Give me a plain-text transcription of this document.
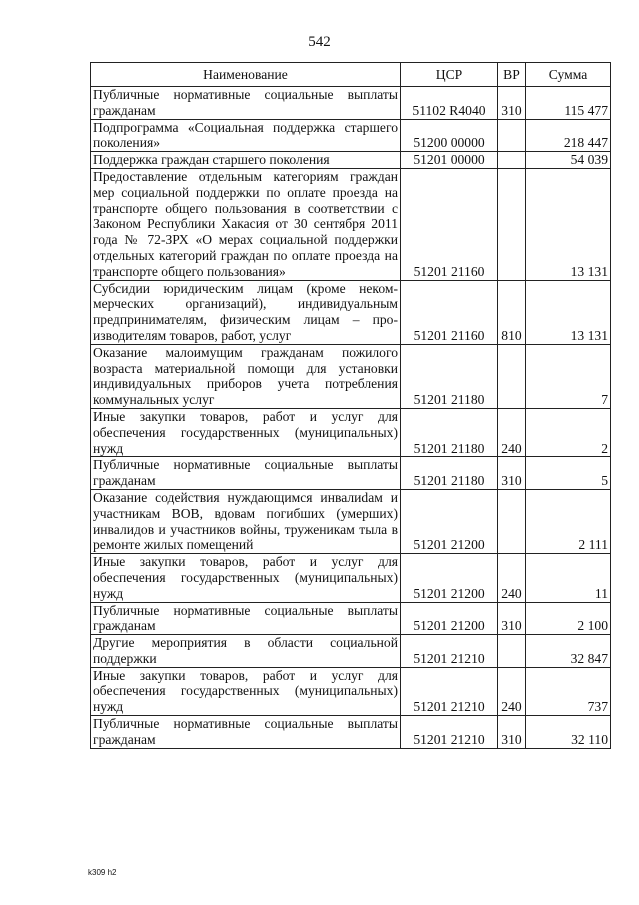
542
Наименование	ЦСР	ВР	Сумма
Публичные нормативные социальные выплаты гражданам	51102 R4040	310	115 477
Подпрограмма «Социальная поддержка старшего поколения»	51200 00000		218 447
Поддержка граждан старшего поколения	51201 00000		54 039
Предоставление отдельным категориям граждан мер социальной поддержки по оплате проезда на транспорте общего пользования в соответствии с Законом Республики Хакасия от 30 сентября 2011 года № 72-ЗРХ «О мерах социальной поддержки отдельных категорий граждан по оплате проезда на транспорте общего пользования»	51201 21160		13 131
Субсидии юридическим лицам (кроме некоммерческих организаций), индивидуальным предпринимателям, физическим лицам – производителям товаров, работ, услуг	51201 21160	810	13 131
Оказание малоимущим гражданам пожилого возраста материальной помощи для установки индивидуальных приборов учета потребления коммунальных услуг	51201 21180		7
Иные закупки товаров, работ и услуг для обеспечения государственных (муниципальных) нужд	51201 21180	240	2
Публичные нормативные социальные выплаты гражданам	51201 21180	310	5
Оказание содействия нуждающимся инвалиdам и участникам ВОВ, вдовам погибших (умерших) инвалидов и участников войны, труженикам тыла в ремонте жилых помещений	51201 21200		2 111
Иные закупки товаров, работ и услуг для обеспечения государственных (муниципальных) нужд	51201 21200	240	11
Публичные нормативные социальные выплаты гражданам	51201 21200	310	2 100
Другие мероприятия в области социальной поддержки	51201 21210		32 847
Иные закупки товаров, работ и услуг для обеспечения государственных (муниципальных) нужд	51201 21210	240	737
Публичные нормативные социальные выплаты гражданам	51201 21210	310	32 110
k309 h2
